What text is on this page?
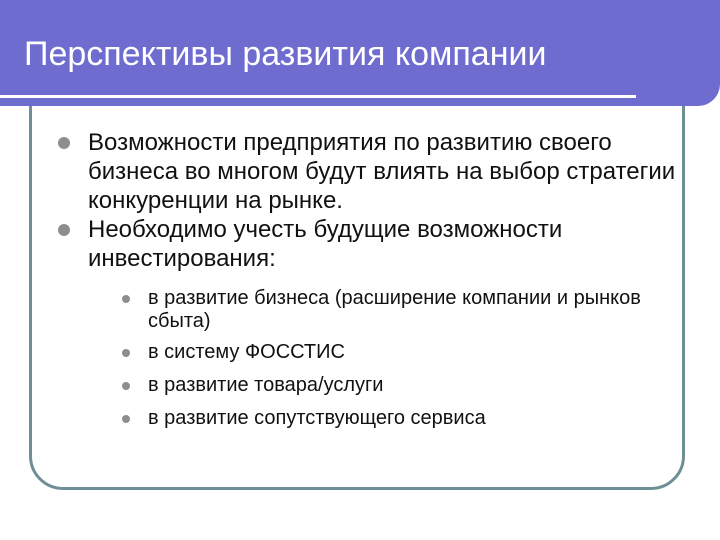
Перспективы развития компании
Возможности предприятия по развитию своего бизнеса во многом будут влиять на выбор стратегии конкуренции на рынке.
Необходимо учесть будущие возможности инвестирования:
в развитие бизнеса (расширение компании и рынков сбыта)
в систему ФОССТИС
в развитие товара/услуги
в развитие сопутствующего сервиса
